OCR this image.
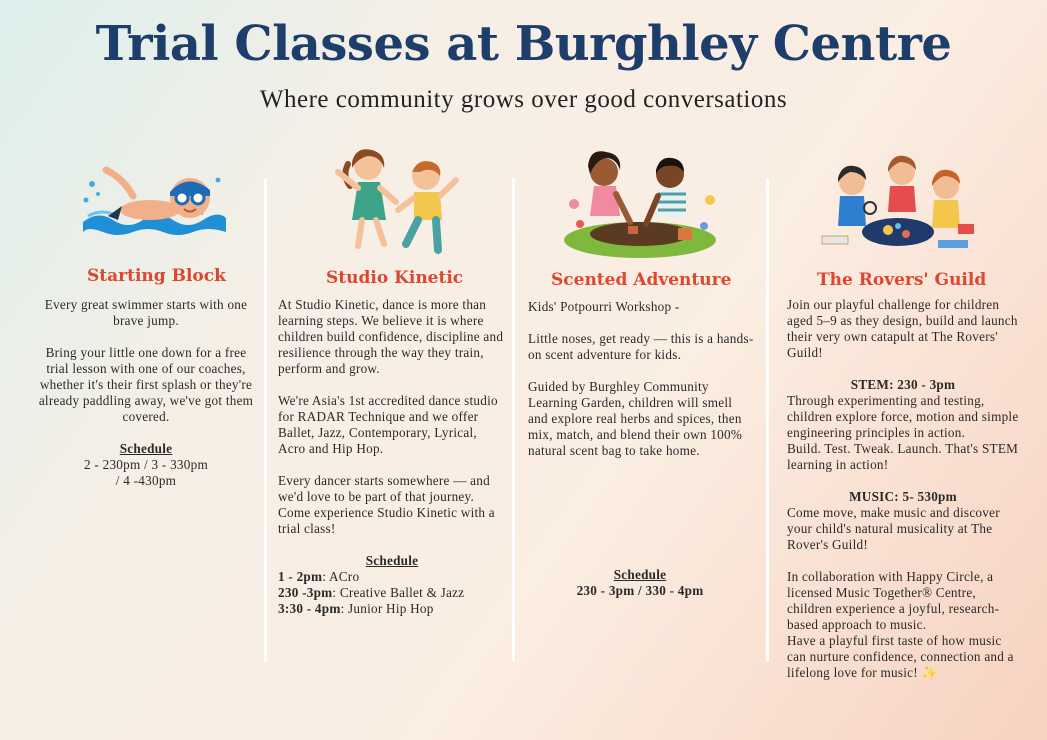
Trial Classes at Burghley Centre
Where community grows over good conversations
Starting Block

Every great swimmer starts with one brave jump.

Bring your little one down for a free trial lesson with one of our coaches, whether it's their first splash or they're already paddling away, we've got them covered.

Schedule

2 - 230pm / 3 - 330pm

/ 4 -430pm

Studio Kinetic

At Studio Kinetic, dance is more than learning steps. We believe it is where children build confidence, discipline and resilience through the way they train, perform and grow.

We're Asia's 1st accredited dance studio for RADAR Technique and we offer Ballet, Jazz, Contemporary, Lyrical, Acro and Hip Hop.

Every dancer starts somewhere — and we'd love to be part of that journey. Come experience Studio Kinetic with a trial class!

Schedule

1 - 2pm: ACro

230 -3pm: Creative Ballet & Jazz

3:30 - 4pm: Junior Hip Hop

Scented Adventure

Kids' Potpourri Workshop -

Little noses, get ready — this is a hands-on scent adventure for kids.

Guided by Burghley Community Learning Garden, children will smell and explore real herbs and spices, then mix, match, and blend their own 100% natural scent bag to take home.

Schedule

230 - 3pm / 330 - 4pm

The Rovers' Guild

Join our playful challenge for children aged 5–9 as they design, build and launch their very own catapult at The Rovers' Guild!

STEM: 230 - 3pm

Through experimenting and testing, children explore force, motion and simple engineering principles in action.

Build. Test. Tweak. Launch. That's STEM learning in action!

MUSIC: 5- 530pm

Come move, make music and discover your child's natural musicality at The Rover's Guild!

In collaboration with Happy Circle, a licensed Music Together® Centre, children experience a joyful, research-based approach to music.

Have a playful first taste of how music can nurture confidence, connection and a lifelong love for music! ✨
